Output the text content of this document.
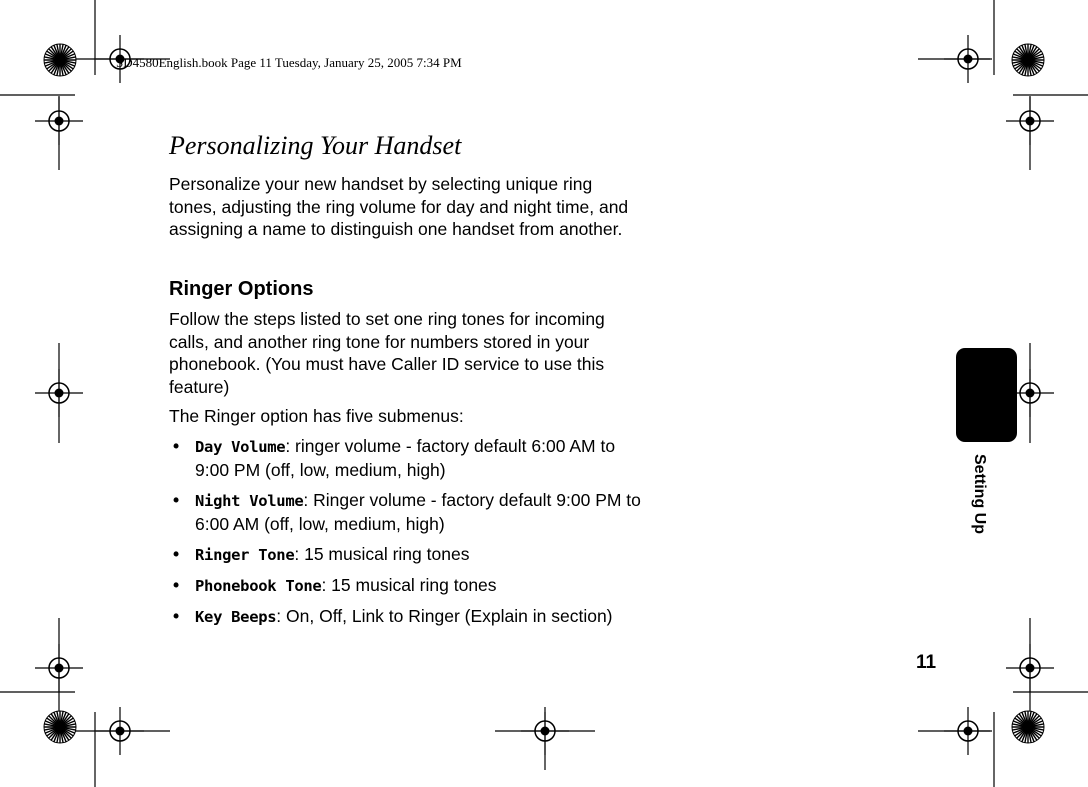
SD4580English.book Page 11 Tuesday, January 25, 2005 7:34 PM
Personalizing Your Handset

Personalize your new handset by selecting unique ring tones, adjusting the ring volume for day and night time, and assigning a name to distinguish one handset from another.

Ringer Options

Follow the steps listed to set one ring tones for incoming calls, and another ring tone for numbers stored in your phonebook. (You must have Caller ID service to use this feature)

The Ringer option has five submenus:

• Day Volume: ringer volume - factory default 6:00 AM to 9:00 PM (off, low, medium, high)
• Night Volume: Ringer volume - factory default 9:00 PM to 6:00 AM (off, low, medium, high)
• Ringer Tone: 15 musical ring tones
• Phonebook Tone: 15 musical ring tones
• Key Beeps: On, Off, Link to Ringer (Explain in section)
Setting Up
11
